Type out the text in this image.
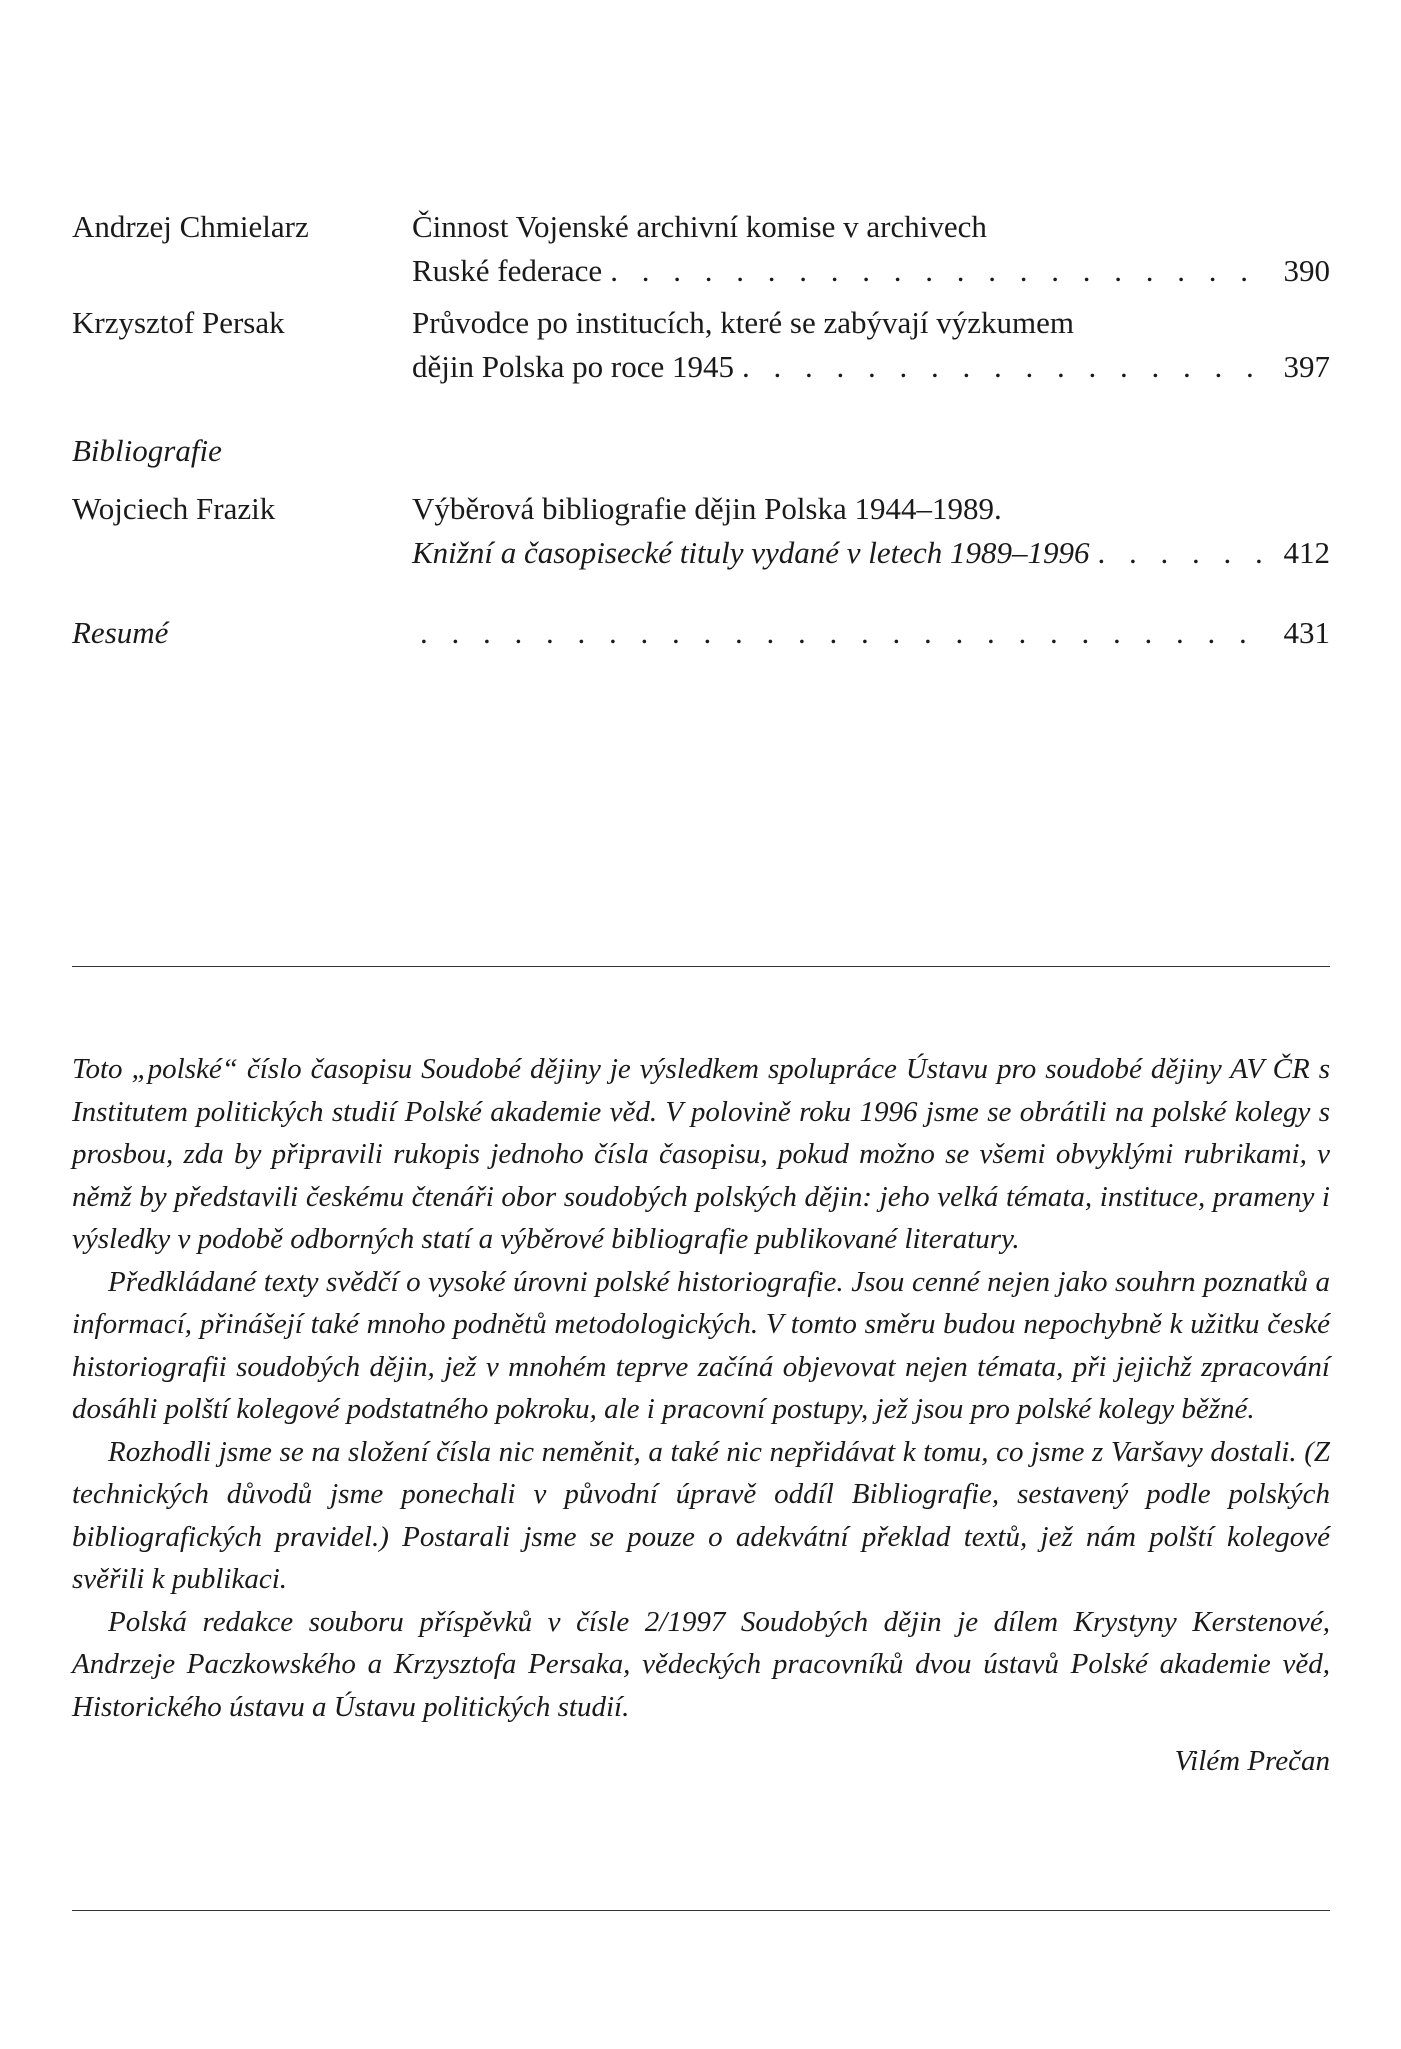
Andrzej Chmielarz	Činnost Vojenské archivní komise v archivech
Ruské federace . . .	390
Krzysztof Persak	Průvodce po institucích, které se zabývají výzkumem
dějin Polska po roce 1945 . . .	397
Bibliografie
Wojciech Frazik	Výběrová bibliografie dějin Polska 1944–1989.
Knižní a časopisecké tituly vydané v letech 1989–1996 . . .	412
Resumé . . .	431

Toto „polské“ číslo časopisu Soudobé dějiny je výsledkem spolupráce Ústavu pro soudobé dějiny AV ČR s Institutem politických studií Polské akademie věd. V polovině roku 1996 jsme se obrátili na polské kolegy s prosbou, zda by připravili rukopis jednoho čísla časopisu, pokud možno se všemi obvyklými rubrikami, v němž by představili českému čtenáři obor soudobých polských dějin: jeho velká témata, instituce, prameny i výsledky v podobě odborných statí a výběrové bibliografie publikované literatury.

Předkládané texty svědčí o vysoké úrovni polské historiografie. Jsou cenné nejen jako souhrn poznatků a informací, přinášejí také mnoho podnětů metodologických. V tomto směru budou nepochybně k užitku české historiografii soudobých dějin, jež v mnohém teprve začíná objevovat nejen témata, při jejichž zpracování dosáhli polští kolegové podstatného pokroku, ale i pracovní postupy, jež jsou pro polské kolegy běžné.

Rozhodli jsme se na složení čísla nic neměnit, a také nic nepřidávat k tomu, co jsme z Varšavy dostali. (Z technických důvodů jsme ponechali v původní úpravě oddíl Bibliografie, sestavený podle polských bibliografických pravidel.) Postarali jsme se pouze o adekvátní překlad textů, jež nám polští kolegové svěřili k publikaci.

Polská redakce souboru příspěvků v čísle 2/1997 Soudobých dějin je dílem Krystyny Kerstenové, Andrzeje Paczkowského a Krzysztofa Persaka, vědeckých pracovníků dvou ústavů Polské akademie věd, Historického ústavu a Ústavu politických studií.

Vilém Prečan
